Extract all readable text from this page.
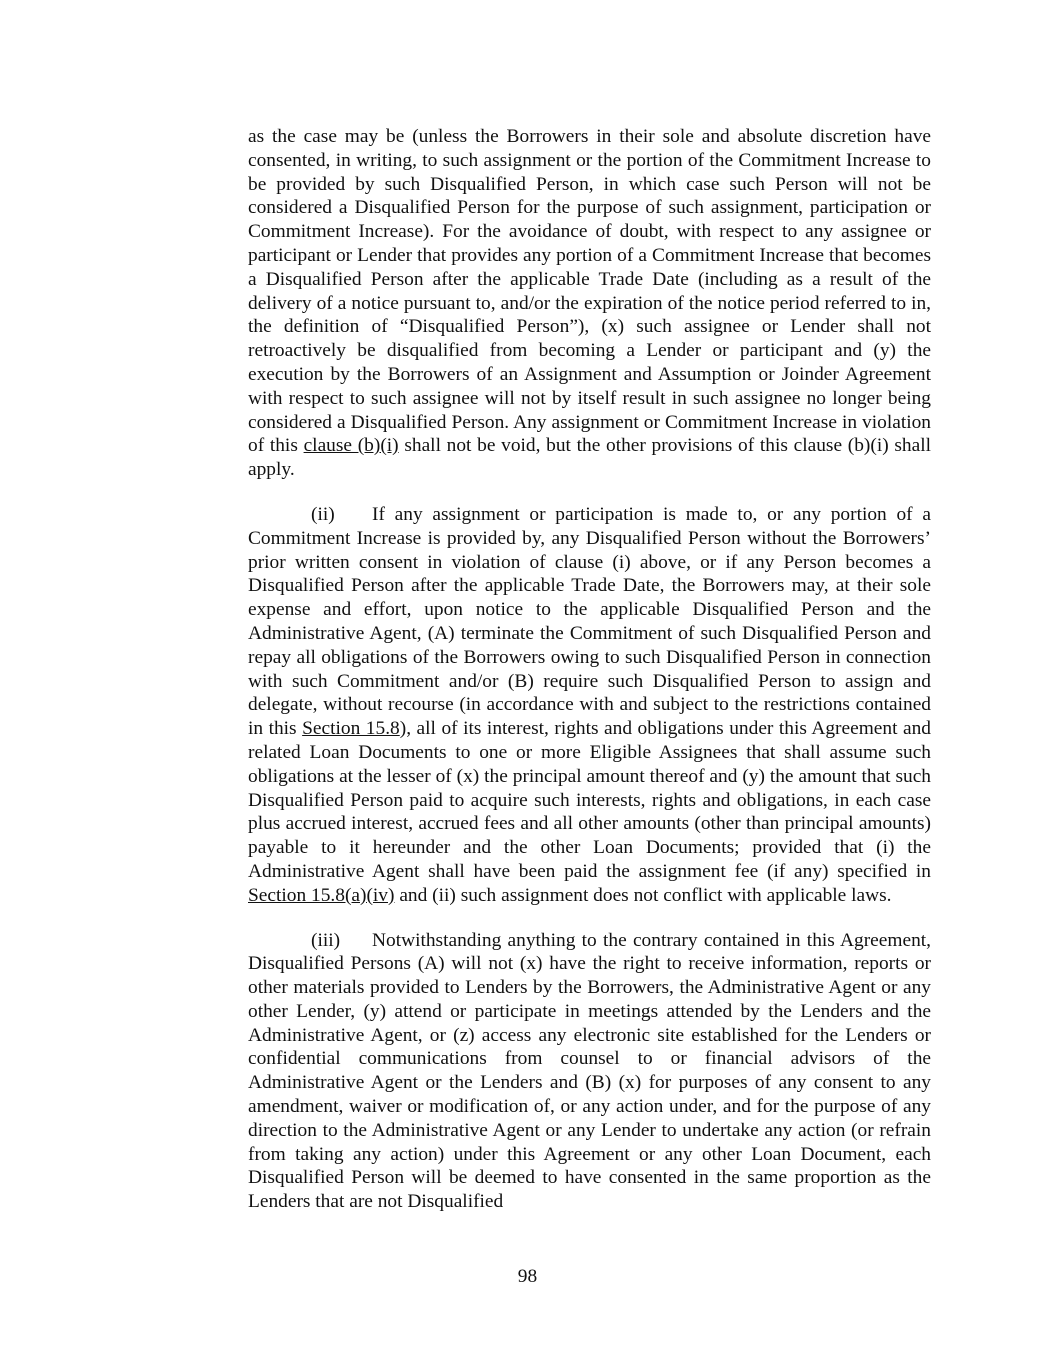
as the case may be (unless the Borrowers in their sole and absolute discretion have consented, in writing, to such assignment or the portion of the Commitment Increase to be provided by such Disqualified Person, in which case such Person will not be considered a Disqualified Person for the purpose of such assignment, participation or Commitment Increase). For the avoidance of doubt, with respect to any assignee or participant or Lender that provides any portion of a Commitment Increase that becomes a Disqualified Person after the applicable Trade Date (including as a result of the delivery of a notice pursuant to, and/or the expiration of the notice period referred to in, the definition of “Disqualified Person”), (x) such assignee or Lender shall not retroactively be disqualified from becoming a Lender or participant and (y) the execution by the Borrowers of an Assignment and Assumption or Joinder Agreement with respect to such assignee will not by itself result in such assignee no longer being considered a Disqualified Person. Any assignment or Commitment Increase in violation of this clause (b)(i) shall not be void, but the other provisions of this clause (b)(i) shall apply.

(ii) If any assignment or participation is made to, or any portion of a Commitment Increase is provided by, any Disqualified Person without the Borrowers’ prior written consent in violation of clause (i) above, or if any Person becomes a Disqualified Person after the applicable Trade Date, the Borrowers may, at their sole expense and effort, upon notice to the applicable Disqualified Person and the Administrative Agent, (A) terminate the Commitment of such Disqualified Person and repay all obligations of the Borrowers owing to such Disqualified Person in connection with such Commitment and/or (B) require such Disqualified Person to assign and delegate, without recourse (in accordance with and subject to the restrictions contained in this Section 15.8), all of its interest, rights and obligations under this Agreement and related Loan Documents to one or more Eligible Assignees that shall assume such obligations at the lesser of (x) the principal amount thereof and (y) the amount that such Disqualified Person paid to acquire such interests, rights and obligations, in each case plus accrued interest, accrued fees and all other amounts (other than principal amounts) payable to it hereunder and the other Loan Documents; provided that (i) the Administrative Agent shall have been paid the assignment fee (if any) specified in Section 15.8(a)(iv) and (ii) such assignment does not conflict with applicable laws.

(iii) Notwithstanding anything to the contrary contained in this Agreement, Disqualified Persons (A) will not (x) have the right to receive information, reports or other materials provided to Lenders by the Borrowers, the Administrative Agent or any other Lender, (y) attend or participate in meetings attended by the Lenders and the Administrative Agent, or (z) access any electronic site established for the Lenders or confidential communications from counsel to or financial advisors of the Administrative Agent or the Lenders and (B) (x) for purposes of any consent to any amendment, waiver or modification of, or any action under, and for the purpose of any direction to the Administrative Agent or any Lender to undertake any action (or refrain from taking any action) under this Agreement or any other Loan Document, each Disqualified Person will be deemed to have consented in the same proportion as the Lenders that are not Disqualified

98
